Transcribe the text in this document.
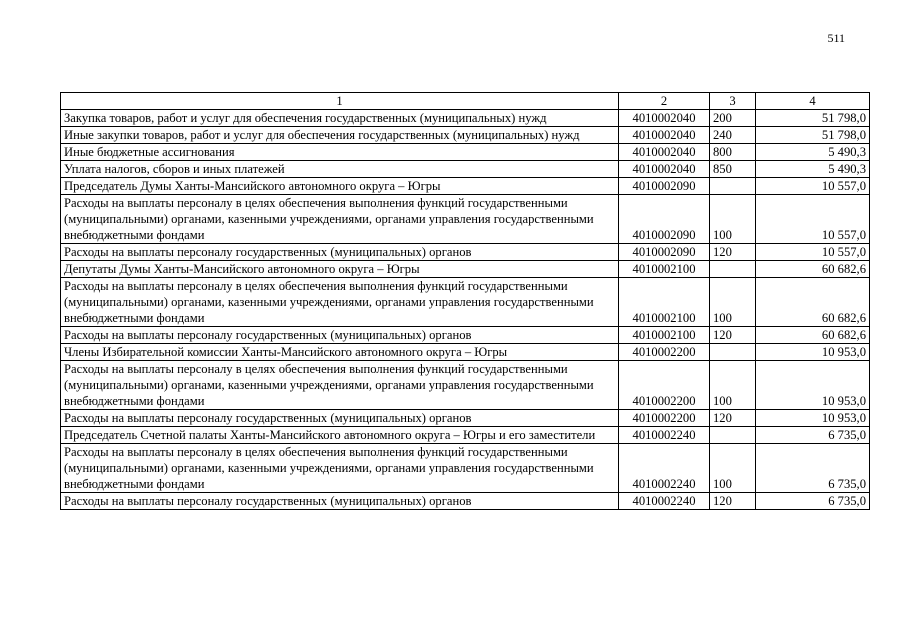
511
1	2	3	4
Закупка товаров, работ и услуг для обеспечения государственных (муниципальных) нужд	4010002040	200	51 798,0
Иные закупки товаров, работ и услуг для обеспечения государственных (муниципальных) нужд	4010002040	240	51 798,0
Иные бюджетные ассигнования	4010002040	800	5 490,3
Уплата налогов, сборов и иных платежей	4010002040	850	5 490,3
Председатель Думы Ханты-Мансийского автономного округа – Югры	4010002090		10 557,0
Расходы на выплаты персоналу в целях обеспечения выполнения функций государственными (муниципальными) органами, казенными учреждениями, органами управления государственными внебюджетными фондами	4010002090	100	10 557,0
Расходы на выплаты персоналу государственных (муниципальных) органов	4010002090	120	10 557,0
Депутаты Думы Ханты-Мансийского автономного округа – Югры	4010002100		60 682,6
Расходы на выплаты персоналу в целях обеспечения выполнения функций государственными (муниципальными) органами, казенными учреждениями, органами управления государственными внебюджетными фондами	4010002100	100	60 682,6
Расходы на выплаты персоналу государственных (муниципальных) органов	4010002100	120	60 682,6
Члены Избирательной комиссии Ханты-Мансийского автономного округа – Югры	4010002200		10 953,0
Расходы на выплаты персоналу в целях обеспечения выполнения функций государственными (муниципальными) органами, казенными учреждениями, органами управления государственными внебюджетными фондами	4010002200	100	10 953,0
Расходы на выплаты персоналу государственных (муниципальных) органов	4010002200	120	10 953,0
Председатель Счетной палаты Ханты-Мансийского автономного округа – Югры и его заместители	4010002240		6 735,0
Расходы на выплаты персоналу в целях обеспечения выполнения функций государственными (муниципальными) органами, казенными учреждениями, органами управления государственными внебюджетными фондами	4010002240	100	6 735,0
Расходы на выплаты персоналу государственных (муниципальных) органов	4010002240	120	6 735,0
